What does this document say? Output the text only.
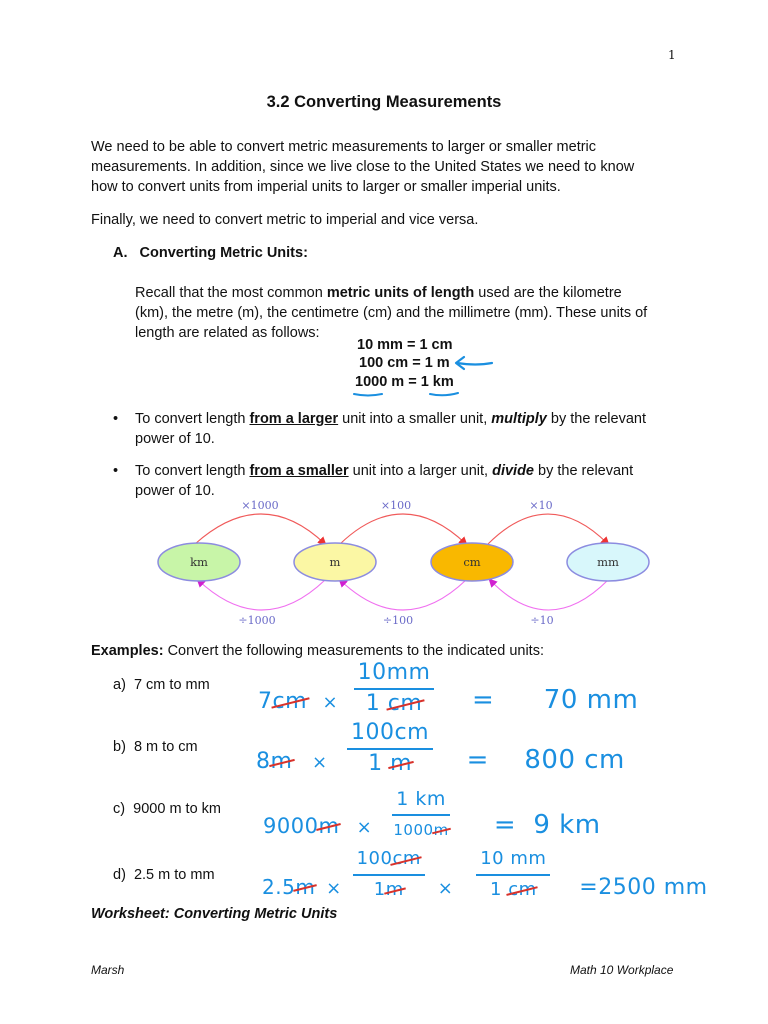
1
3.2 Converting Measurements

We need to be able to convert metric measurements to larger or smaller metric

measurements. In addition, since we live close to the United States we need to know

how to convert units from imperial units to larger or smaller imperial units.

Finally, we need to convert metric to imperial and vice versa.

A. Converting Metric Units:

Recall that the most common metric units of length used are the kilometre

(km), the metre (m), the centimetre (cm) and the millimetre (mm). These units of

length are related as follows:

10 mm = 1 cm
100 cm = 1 m
1000 m = 1 km

• To convert length from a larger unit into a smaller unit, multiply by the relevant

power of 10.

• To convert length from a smaller unit into a larger unit, divide by the relevant

power of 10.

km	m	cm	mm
×1000	×100	×10
÷1000	÷100	÷10

Examples: Convert the following measurements to the indicated units:

a) 7 cm to mm

b) 8 m to cm

c) 9000 m to km

d) 2.5 m to mm

7cm $_\times \frac{10mm}{1 cm} = 70$ mm
8m $_\times \frac{100cm}{1 m} = 800$ cm
$9000m \times \frac{1 km}{1000m} = 9$ km
$2.5m \times \frac{100cm}{1m} \times \frac{10 mm}{1 cm} =2500$ mm
Worksheet: Converting Metric Units
Marsh	Math 10 Workplace
